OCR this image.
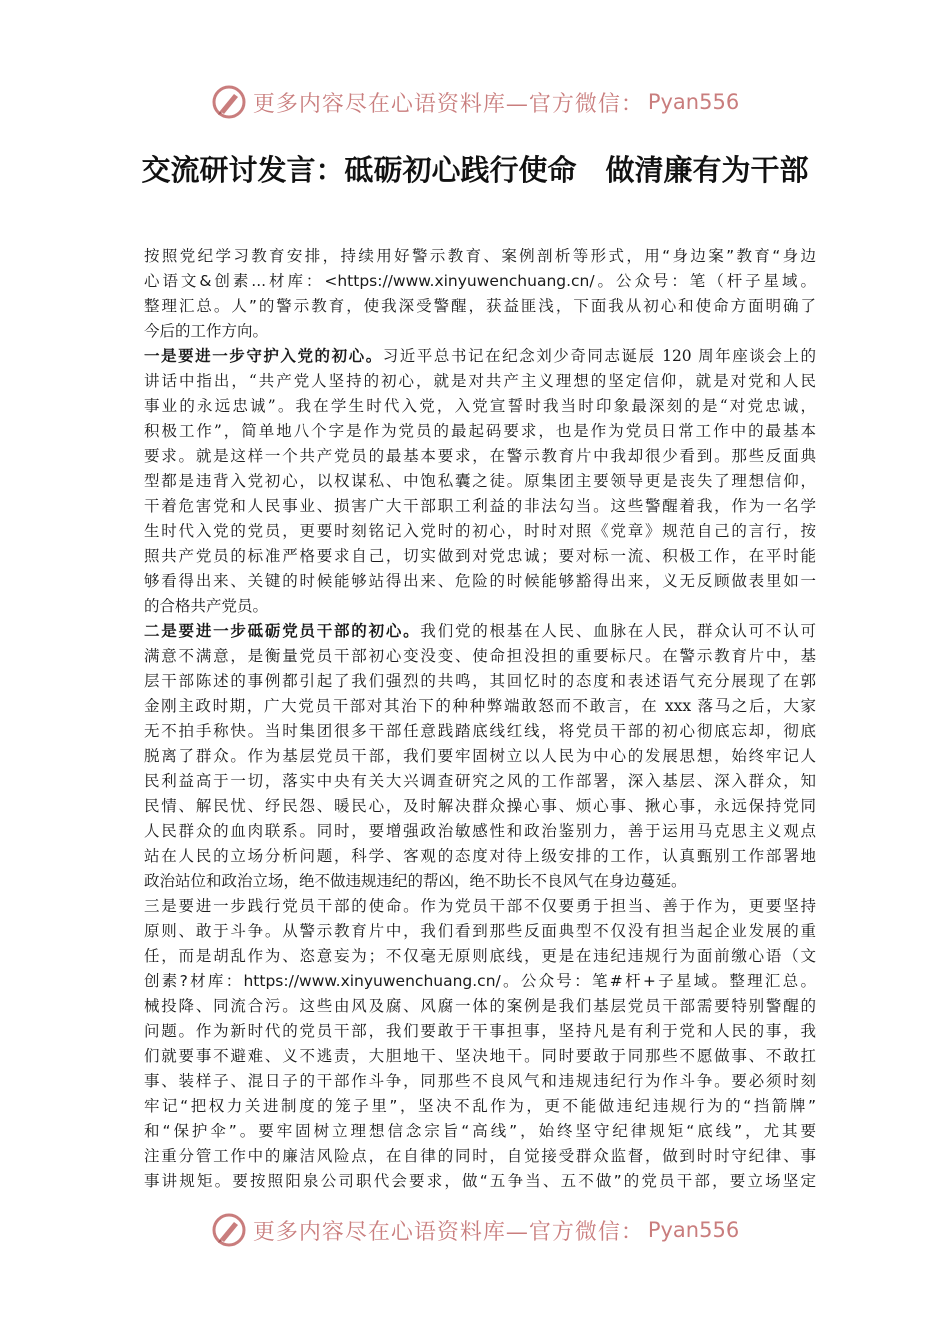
更多内容尽在心语资料库—官方微信： Pyan556
交流研讨发言：砥砺初心践行使命　做清廉有为干部
按照党纪学习教育安排，持续用好警示教育、案例剖析等形式，用“身边案”教育“身边
心语文&创素...材库：<https://www.xinyuwenchuang.cn/。公众号：笔（杆子星域。
整理汇总。人”的警示教育，使我深受警醒，获益匪浅，下面我从初心和使命方面明确了
今后的工作方向。
一是要进一步守护入党的初心。习近平总书记在纪念刘少奇同志诞辰 120 周年座谈会上的
讲话中指出，“共产党人坚持的初心，就是对共产主义理想的坚定信仰，就是对党和人民
事业的永远忠诚”。我在学生时代入党，入党宣誓时我当时印象最深刻的是“对党忠诚，
积极工作”，简单地八个字是作为党员的最起码要求，也是作为党员日常工作中的最基本
要求。就是这样一个共产党员的最基本要求，在警示教育片中我却很少看到。那些反面典
型都是违背入党初心，以权谋私、中饱私囊之徒。原集团主要领导更是丧失了理想信仰，
干着危害党和人民事业、损害广大干部职工利益的非法勾当。这些警醒着我，作为一名学
生时代入党的党员，更要时刻铭记入党时的初心，时时对照《党章》规范自己的言行，按
照共产党员的标准严格要求自己，切实做到对党忠诚；要对标一流、积极工作，在平时能
够看得出来、关键的时候能够站得出来、危险的时候能够豁得出来，义无反顾做表里如一
的合格共产党员。
二是要进一步砥砺党员干部的初心。我们党的根基在人民、血脉在人民，群众认可不认可
满意不满意，是衡量党员干部初心变没变、使命担没担的重要标尺。在警示教育片中，基
层干部陈述的事例都引起了我们强烈的共鸣，其回忆时的态度和表述语气充分展现了在郭
金刚主政时期，广大党员干部对其治下的种种弊端敢怒而不敢言，在 xxx 落马之后，大家
无不拍手称快。当时集团很多干部任意践踏底线红线，将党员干部的初心彻底忘却，彻底
脱离了群众。作为基层党员干部，我们要牢固树立以人民为中心的发展思想，始终牢记人
民利益高于一切，落实中央有关大兴调查研究之风的工作部署，深入基层、深入群众，知
民情、解民忧、纾民怨、暖民心，及时解决群众操心事、烦心事、揪心事，永远保持党同
人民群众的血肉联系。同时，要增强政治敏感性和政治鉴别力，善于运用马克思主义观点
站在人民的立场分析问题，科学、客观的态度对待上级安排的工作，认真甄别工作部署地
政治站位和政治立场，绝不做违规违纪的帮凶，绝不助长不良风气在身边蔓延。
三是要进一步践行党员干部的使命。作为党员干部不仅要勇于担当、善于作为，更要坚持
原则、敢于斗争。从警示教育片中，我们看到那些反面典型不仅没有担当起企业发展的重
任，而是胡乱作为、恣意妄为；不仅毫无原则底线，更是在违纪违规行为面前缴心语（文
创素?材库：https://www.xinyuwenchuang.cn/。公众号：笔#杆+子星域。整理汇总。
械投降、同流合污。这些由风及腐、风腐一体的案例是我们基层党员干部需要特别警醒的
问题。作为新时代的党员干部，我们要敢于干事担事，坚持凡是有利于党和人民的事，我
们就要事不避难、义不逃责，大胆地干、坚决地干。同时要敢于同那些不愿做事、不敢扛
事、装样子、混日子的干部作斗争，同那些不良风气和违规违纪行为作斗争。要必须时刻
牢记“把权力关进制度的笼子里”，坚决不乱作为，更不能做违纪违规行为的“挡箭牌”
和“保护伞”。要牢固树立理想信念宗旨“高线”，始终坚守纪律规矩“底线”，尤其要
注重分管工作中的廉洁风险点，在自律的同时，自觉接受群众监督，做到时时守纪律、事
事讲规矩。要按照阳泉公司职代会要求，做“五争当、五不做”的党员干部，要立场坚定
更多内容尽在心语资料库—官方微信： Pyan556
